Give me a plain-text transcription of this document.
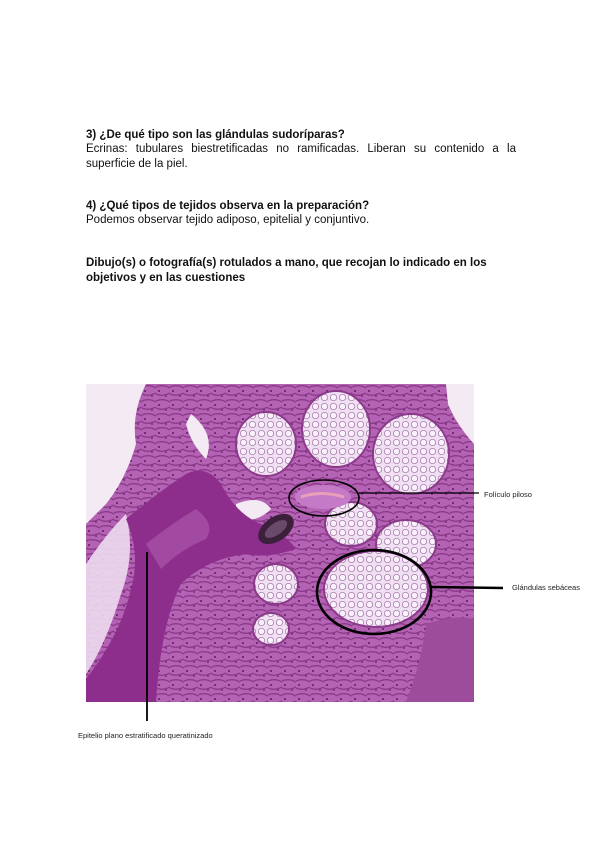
3) ¿De qué tipo son las glándulas sudoríparas?

Ecrinas: tubulares biestretificadas no ramificadas. Liberan su contenido a la superficie de la piel.

4) ¿Qué tipos de tejidos observa en la preparación?

Podemos observar tejido adiposo, epitelial y conjuntivo.

Dibujo(s) o fotografía(s) rotulados a mano, que recojan lo indicado en los objetivos y en las cuestiones
Folículo piloso
Glándulas sebáceas
Epitelio plano estratificado queratinizado
